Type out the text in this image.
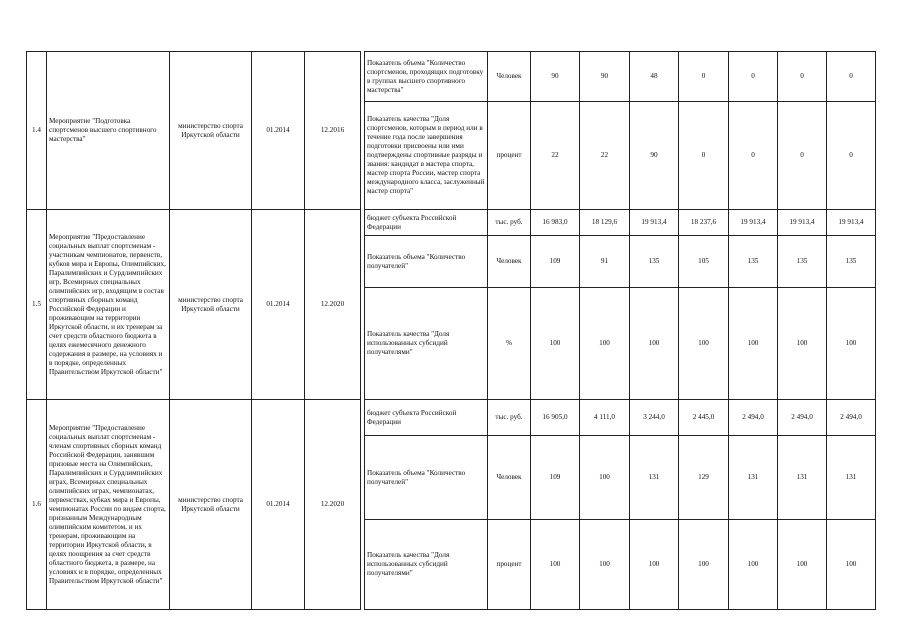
1.4	Мероприятие "Подготовка спортсменов высшего спортивного мастерства"	министерство спорта Иркутской области	01.2014	12.2016		Показатель объема "Количество спортсменов, проходящих подготовку в группах высшего спортивного мастерства"	Человек	90	90	48	0	0	0	0
						Показатель качества "Доля спортсменов, которым в период или в течение года после завершения подготовки присвоены или ими подтверждены спортивные разряды и звания: кандидат в мастера спорта, мастер спорта России, мастер спорта международного класса, заслуженный мастер спорта"	процент	22	22	90	0	0	0	0
1.5	Мероприятие "Предоставление социальных выплат спортсменам - участникам чемпионатов, первенств, кубков мира и Европы, Олимпийских, Паралимпийских и Сурдлимпийских игр, Всемирных специальных олимпийских игр, входящим в состав спортивных сборных команд Российской Федерации и проживающим на территории Иркутской области, и их тренерам за счет средств областного бюджета в целях ежемесячного денежного содержания в размере, на условиях и в порядке, определенных Правительством Иркутской области"	министерство спорта Иркутской области	01.2014	12.2020		бюджет субъекта Российской Федерации	тыс. руб.	16 983,0	18 129,6	19 913,4	18 237,6	19 913,4	19 913,4	19 913,4
						Показатель объема "Количество получателей"	Человек	109	91	135	105	135	135	135
						Показатель качества "Доля использованных субсидий получателями"	%	100	100	100	100	100	100	100
1.6	Мероприятие "Предоставление социальных выплат спортсменам - членам спортивных сборных команд Российской Федерации, занявшим призовые места на Олимпийских, Паралимпийских и Сурдлимпийских играх, Всемирных специальных олимпийских играх, чемпионатах, первенствах, кубках мира и Европы, чемпионатах России по видам спорта, признанным Международным олимпийским комитетом, и их тренерам, проживающим на территории Иркутской области, в целях поощрения за счет средств областного бюджета, в размере, на условиях и в порядке, определенных Правительством Иркутской области"	министерство спорта Иркутской области	01.2014	12.2020		бюджет субъекта Российской Федерации	тыс. руб.	16 905,0	4 111,0	3 244,0	2 445,0	2 494,0	2 494,0	2 494,0
						Показатель объема "Количество получателей"	Человек	109	100	131	129	131	131	131
						Показатель качества "Доля использованных субсидий получателями"	процент	100	100	100	100	100	100	100
